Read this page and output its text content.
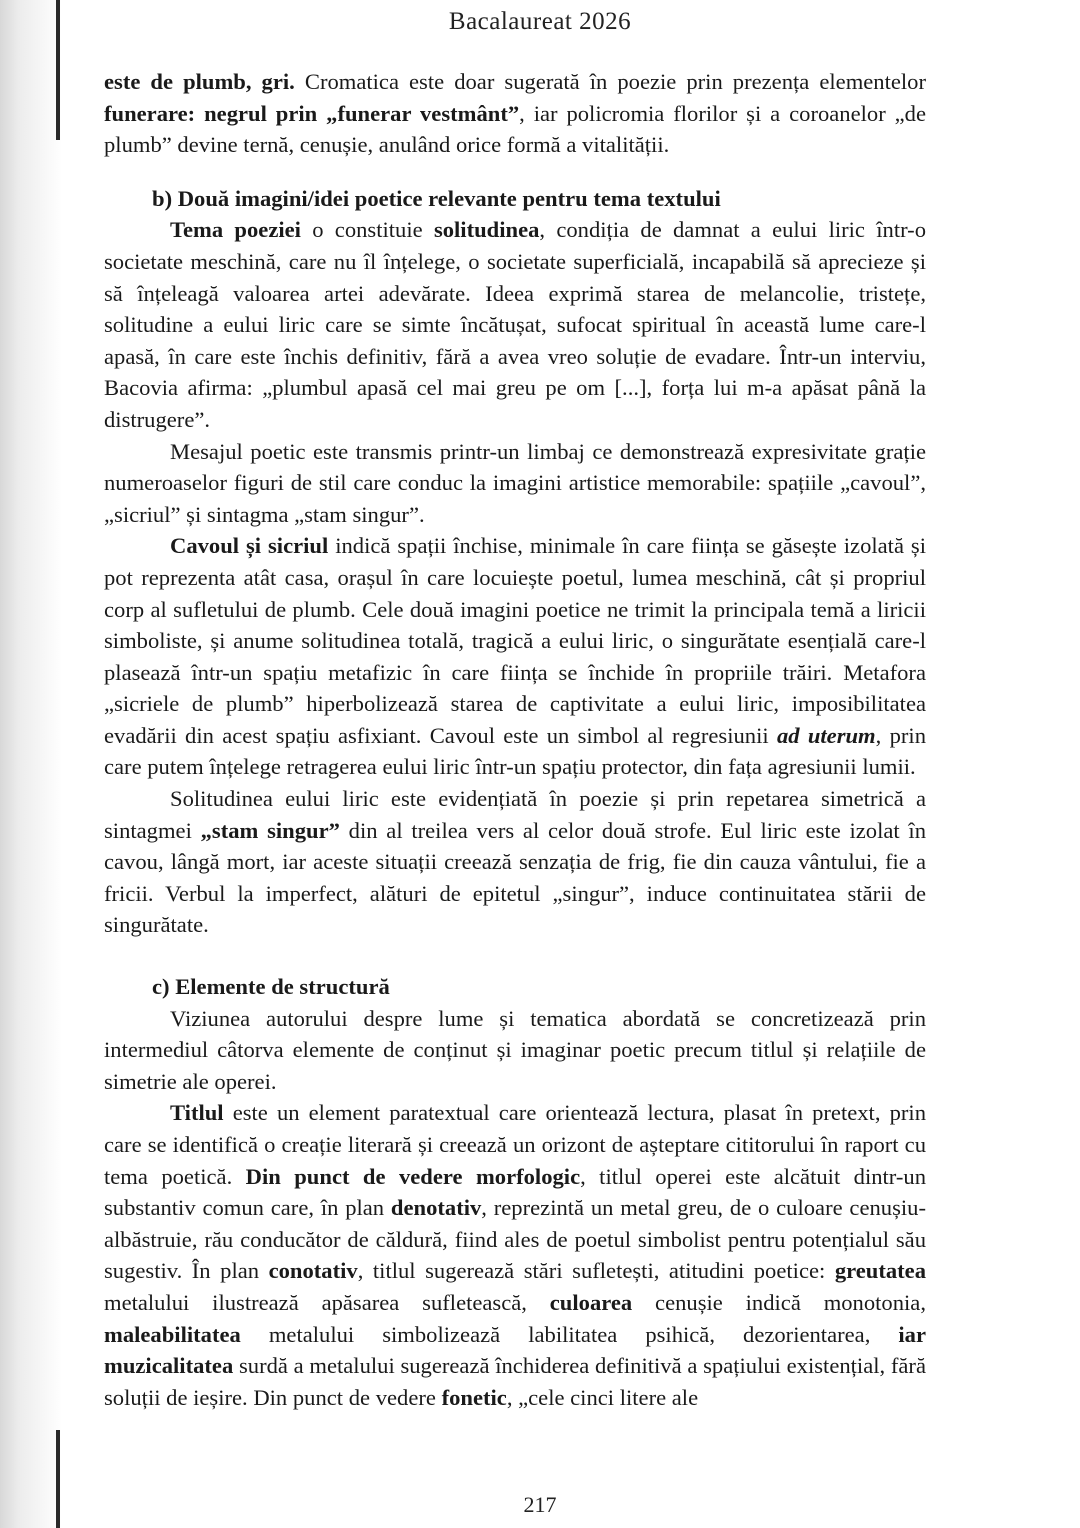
Bacalaureat 2026

este de plumb, gri. Cromatica este doar sugerată în poezie prin prezența elementelor funerare: negrul prin „funerar vestmânt”, iar policromia florilor și a coroanelor „de plumb” devine ternă, cenușie, anulând orice formă a vitalității.

b) Două imagini/idei poetice relevante pentru tema textului

Tema poeziei o constituie solitudinea, condiția de damnat a eului liric într-o societate meschină, care nu îl înțelege, o societate superficială, incapabilă să aprecieze și să înțeleagă valoarea artei adevărate. Ideea exprimă starea de melancolie, tristețe, solitudine a eului liric care se simte încătușat, sufocat spiritual în această lume care-l apasă, în care este închis definitiv, fără a avea vreo soluție de evadare. Într-un interviu, Bacovia afirma: „plumbul apasă cel mai greu pe om [...], forța lui m-a apăsat până la distrugere”.

Mesajul poetic este transmis printr-un limbaj ce demonstrează expresivitate grație numeroaselor figuri de stil care conduc la imagini artistice memorabile: spațiile „cavoul”, „sicriul” și sintagma „stam singur”.

Cavoul și sicriul indică spații închise, minimale în care ființa se găsește izolată și pot reprezenta atât casa, orașul în care locuiește poetul, lumea meschină, cât și propriul corp al sufletului de plumb. Cele două imagini poetice ne trimit la principala temă a liricii simboliste, și anume solitudinea totală, tragică a eului liric, o singurătate esențială care-l plasează într-un spațiu metafizic în care ființa se închide în propriile trăiri. Metafora „sicriele de plumb” hiperbolizează starea de captivitate a eului liric, imposibilitatea evadării din acest spațiu asfixiant. Cavoul este un simbol al regresiunii ad uterum, prin care putem înțelege retragerea eului liric într-un spațiu protector, din fața agresiunii lumii.

Solitudinea eului liric este evidențiată în poezie și prin repetarea simetrică a sintagmei „stam singur” din al treilea vers al celor două strofe. Eul liric este izolat în cavou, lângă mort, iar aceste situații creează senzația de frig, fie din cauza vântului, fie a fricii. Verbul la imperfect, alături de epitetul „singur”, induce continuitatea stării de singurătate.

c) Elemente de structură

Viziunea autorului despre lume și tematica abordată se concretizează prin intermediul câtorva elemente de conținut și imaginar poetic precum titlul și relațiile de simetrie ale operei.

Titlul este un element paratextual care orientează lectura, plasat în pretext, prin care se identifică o creație literară și creează un orizont de așteptare cititorului în raport cu tema poetică. Din punct de vedere morfologic, titlul operei este alcătuit dintr-un substantiv comun care, în plan denotativ, reprezintă un metal greu, de o culoare cenușiu-albăstruie, rău conducător de căldură, fiind ales de poetul simbolist pentru potențialul său sugestiv. În plan conotativ, titlul sugerează stări sufletești, atitudini poetice: greutatea metalului ilustrează apăsarea sufletească, culoarea cenușie indică monotonia, maleabilitatea metalului simbolizează labilitatea psihică, dezorientarea, iar muzicalitatea surdă a metalului sugerează închiderea definitivă a spațiului existențial, fără soluții de ieșire. Din punct de vedere fonetic, „cele cinci litere ale

217
